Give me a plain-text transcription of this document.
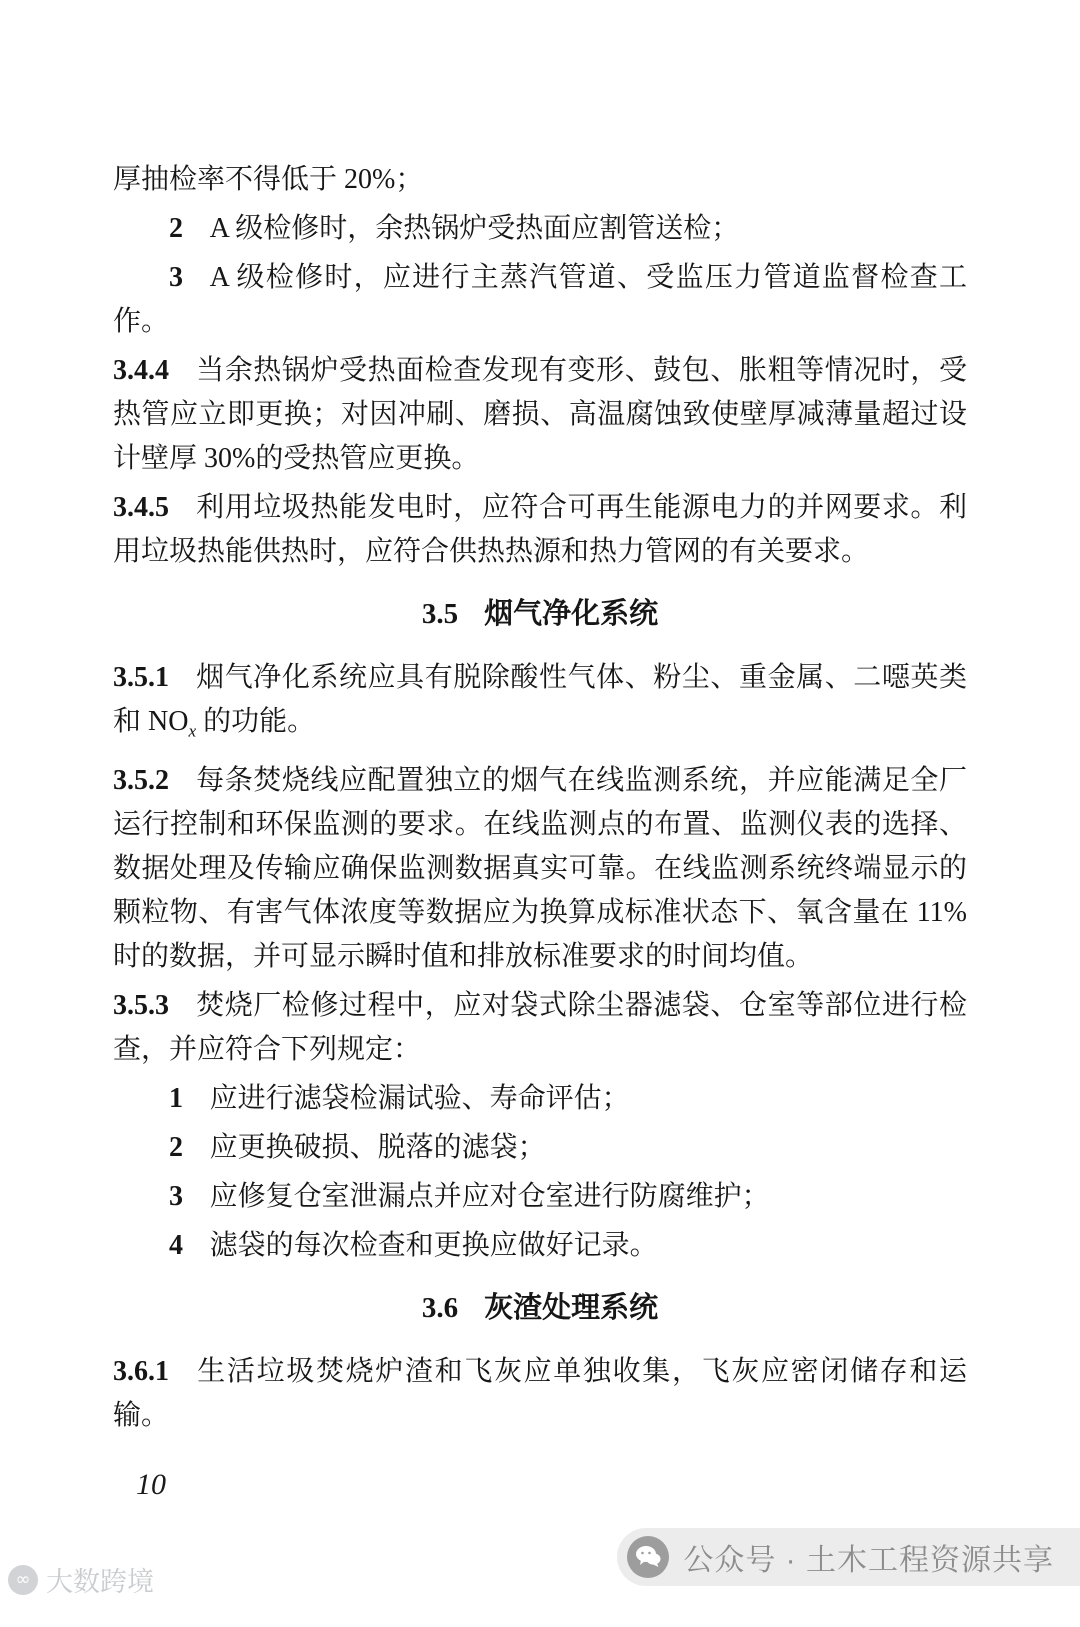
厚抽检率不得低于 20%；

2 A 级检修时，余热锅炉受热面应割管送检；

3 A 级检修时，应进行主蒸汽管道、受监压力管道监督检查工作。

3.4.4 当余热锅炉受热面检查发现有变形、鼓包、胀粗等情况时，受热管应立即更换；对因冲刷、磨损、高温腐蚀致使壁厚减薄量超过设计壁厚 30%的受热管应更换。

3.4.5 利用垃圾热能发电时，应符合可再生能源电力的并网要求。利用垃圾热能供热时，应符合供热热源和热力管网的有关要求。

3.5 烟气净化系统

3.5.1 烟气净化系统应具有脱除酸性气体、粉尘、重金属、二噁英类和 $NO_x$ 的功能。

3.5.2 每条焚烧线应配置独立的烟气在线监测系统，并应能满足全厂运行控制和环保监测的要求。在线监测点的布置、监测仪表的选择、数据处理及传输应确保监测数据真实可靠。在线监测系统终端显示的颗粒物、有害气体浓度等数据应为换算成标准状态下、氧含量在 11%时的数据，并可显示瞬时值和排放标准要求的时间均值。

3.5.3 焚烧厂检修过程中，应对袋式除尘器滤袋、仓室等部位进行检查，并应符合下列规定：

1 应进行滤袋检漏试验、寿命评估；

2 应更换破损、脱落的滤袋；

3 应修复仓室泄漏点并应对仓室进行防腐维护；

4 滤袋的每次检查和更换应做好记录。

3.6 灰渣处理系统

3.6.1 生活垃圾焚烧炉渣和飞灰应单独收集，飞灰应密闭储存和运输。

10
公众号 · 土木工程资源共享
∞ 大数跨境
